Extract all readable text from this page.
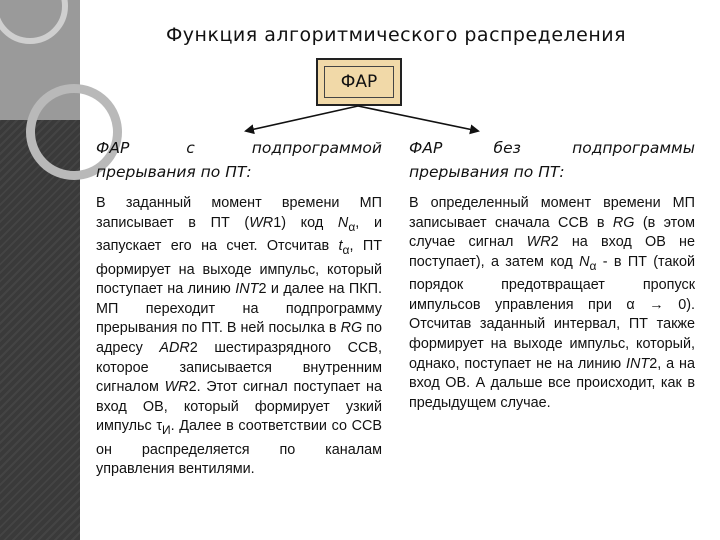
Функция алгоритмического распределения
ФАР

ФАР с подпрограммой прерывания по ПТ:

В заданный момент времени МП записывает в ПТ (WR1) код $N_\alpha$, и запускает его на счет. Отсчитав $t_\alpha$, ПТ формирует на выходе импульс, который поступает на линию INT2 и далее на ПКП. МП переходит на подпрограмму прерывания по ПТ. В ней посылка в RG по адресу ADR2 шестиразрядного ССВ, которое записывается внутренним сигналом WR2. Этот сигнал поступает на вход ОВ, который формирует узкий импульс $\tau_И$. Далее в соответствии со ССВ он распределяется по каналам управления вентилями.

ФАР без подпрограммы прерывания по ПТ:

В определенный момент времени МП записывает сначала ССВ в RG (в этом случае сигнал WR2 на вход ОВ не поступает), а затем код $N_\alpha$ - в ПТ (такой порядок предотвращает пропуск импульсов управления при α → 0). Отсчитав заданный интервал, ПТ также формирует на выходе импульс, который, однако, поступает не на линию INT2, а на вход ОВ. А дальше все происходит, как в предыдущем случае.
